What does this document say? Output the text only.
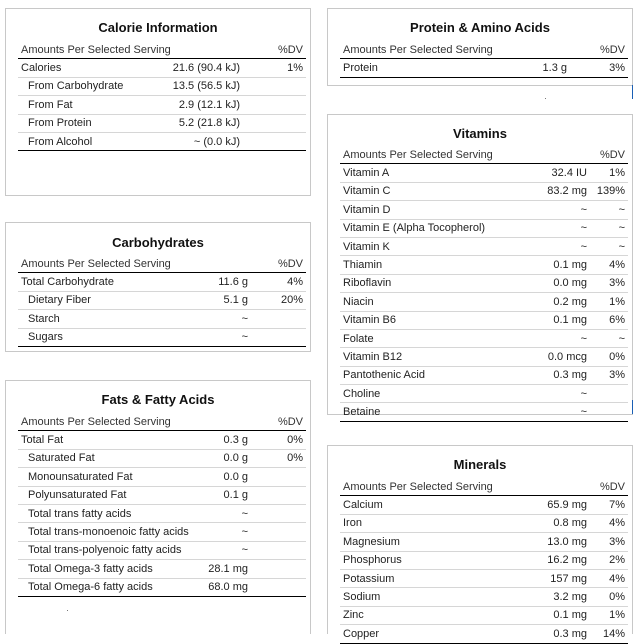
Calorie Information
Amounts Per Selected Serving		%DV
Calories	21.6 (90.4 kJ)	1%
From Carbohydrate	13.5 (56.5 kJ)	
From Fat	2.9 (12.1 kJ)	
From Protein	5.2 (21.8 kJ)	
From Alcohol	~ (0.0 kJ)	
Carbohydrates
Amounts Per Selected Serving		%DV
Total Carbohydrate	11.6 g	4%
Dietary Fiber	5.1 g	20%
Starch	~	
Sugars	~	
Fats & Fatty Acids
Amounts Per Selected Serving		%DV
Total Fat	0.3 g	0%
Saturated Fat	0.0 g	0%
Monounsaturated Fat	0.0 g	
Polyunsaturated Fat	0.1 g	
Total trans fatty acids	~	
Total trans-monoenoic fatty acids	~	
Total trans-polyenoic fatty acids	~	
Total Omega-3 fatty acids	28.1 mg	
Total Omega-6 fatty acids	68.0 mg	
Protein & Amino Acids
Amounts Per Selected Serving		%DV
Protein	1.3 g	3%
Vitamins
Amounts Per Selected Serving		%DV
Vitamin A	32.4 IU	1%
Vitamin C	83.2 mg	139%
Vitamin D	~	~
Vitamin E (Alpha Tocopherol)	~	~
Vitamin K	~	~
Thiamin	0.1 mg	4%
Riboflavin	0.0 mg	3%
Niacin	0.2 mg	1%
Vitamin B6	0.1 mg	6%
Folate	~	~
Vitamin B12	0.0 mcg	0%
Pantothenic Acid	0.3 mg	3%
Choline	~	
Betaine	~	
Minerals
Amounts Per Selected Serving		%DV
Calcium	65.9 mg	7%
Iron	0.8 mg	4%
Magnesium	13.0 mg	3%
Phosphorus	16.2 mg	2%
Potassium	157 mg	4%
Sodium	3.2 mg	0%
Zinc	0.1 mg	1%
Copper	0.3 mg	14%
